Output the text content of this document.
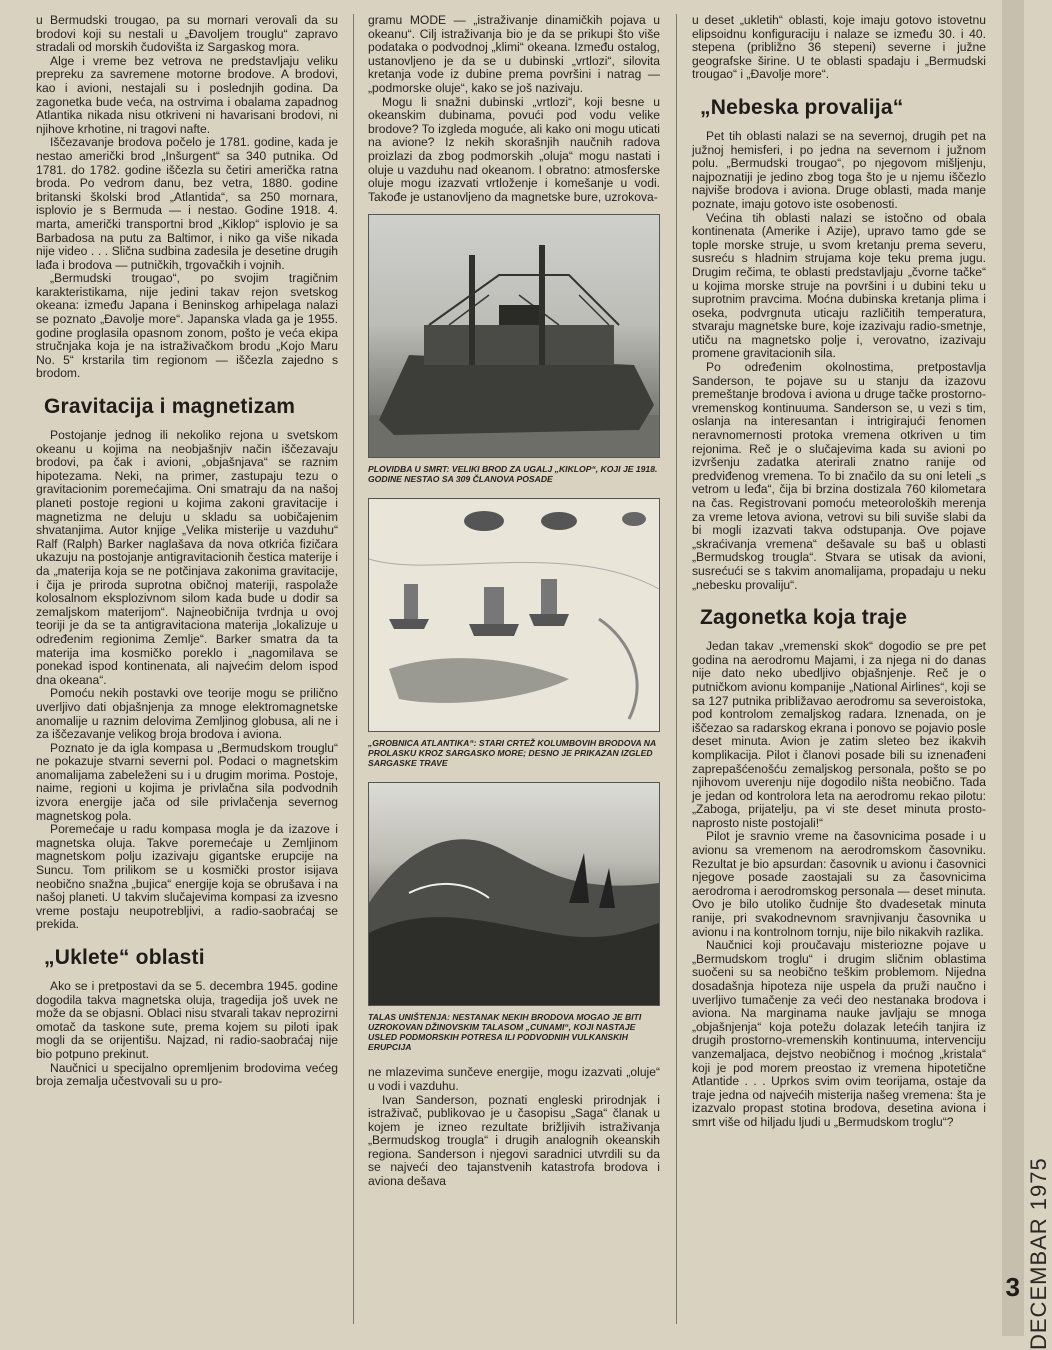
u Bermudski trougao, pa su mornari verovali da su brodovi koji su nestali u „Đavoljem trouglu“ zapravo stradali od morskih čudovišta iz Sargaskog mora.

Alge i vreme bez vetrova ne predstavljaju veliku prepreku za savremene motorne brodove. A brodovi, kao i avioni, nestajali su i poslednjih godina. Da zagonetka bude veća, na ostrvima i obalama zapadnog Atlantika nikada nisu otkriveni ni havarisani brodovi, ni njihove krhotine, ni tragovi nafte.

Iščezavanje brodova počelo je 1781. godine, kada je nestao američki brod „Inšurgent“ sa 340 putnika. Od 1781. do 1782. godine iščezla su četiri američka ratna broda. Po vedrom danu, bez vetra, 1880. godine britanski školski brod „Atlantida“, sa 250 mornara, isplovio je s Bermuda — i nestao. Godine 1918. 4. marta, američki transportni brod „Kiklop“ isplovio je sa Barbadosa na putu za Baltimor, i niko ga više nikada nije video . . . Slična sudbina zadesila je desetine drugih lađa i brodova — putničkih, trgovačkih i vojnih.

„Bermudski trougao“, po svojim tragičnim karakteristikama, nije jedini takav rejon svetskog okeana: između Japana i Beninskog arhipelaga nalazi se poznato „Đavolje more“. Japanska vlada ga je 1955. godine proglasila opasnom zonom, pošto je veća ekipa stručnjaka koja je na istraživačkom brodu „Kojo Maru No. 5“ krstarila tim regionom — iščezla zajedno s brodom.

Gravitacija i magnetizam

Postojanje jednog ili nekoliko rejona u svetskom okeanu u kojima na neobjašnjiv način iščezavaju brodovi, pa čak i avioni, „objašnjava“ se raznim hipotezama. Neki, na primer, zastupaju tezu o gravitacionim poremećajima. Oni smatraju da na našoj planeti postoje regioni u kojima zakoni gravitacije i magnetizma ne deluju u skladu sa uobičajenim shvatanjima. Autor knjige „Velika misterije u vazduhu“ Ralf (Ralph) Barker naglašava da nova otkrića fizičara ukazuju na postojanje antigravitacionih čestica materije i da „materija koja se ne potčinjava zakonima gravitacije, i čija je priroda suprotna običnoj materiji, raspolaže kolosalnom eksplozivnom silom kada bude u dodir sa zemaljskom materijom“. Najneobičnija tvrdnja u ovoj teoriji je da se ta antigravitaciona materija „lokalizuje u određenim regionima Zemlje“. Barker smatra da ta materija ima kosmičko poreklo i „nagomilava se ponekad ispod kontinenata, ali najvećim delom ispod dna okeana“.

Pomoću nekih postavki ove teorije mogu se prilično uverljivo dati objašnjenja za mnoge elektromagnetske anomalije u raznim delovima Zemljinog globusa, ali ne i za iščezavanje velikog broja brodova i aviona.

Poznato je da igla kompasa u „Bermudskom trouglu“ ne pokazuje stvarni severni pol. Podaci o magnetskim anomalijama zabeleženi su i u drugim morima. Postoje, naime, regioni u kojima je privlačna sila podvodnih izvora energije jača od sile privlačenja severnog magnetskog pola.

Poremećaje u radu kompasa mogla je da izazove i magnetska oluja. Takve poremećaje u Zemljinom magnetskom polju izazivaju gigantske erupcije na Suncu. Tom prilikom se u kosmički prostor isijava neobično snažna „bujica“ energije koja se obrušava i na našoj planeti. U takvim slučajevima kompasi za izvesno vreme postaju neupotrebljivi, a radio-saobraćaj se prekida.

„Uklete“ oblasti

Ako se i pretpostavi da se 5. decembra 1945. godine dogodila takva magnetska oluja, tragedija još uvek ne može da se objasni. Oblaci nisu stvarali takav neprozirni omotač da taskone sute, prema kojem su piloti ipak mogli da se orijentišu. Najzad, ni radio-saobraćaj nije bio potpuno prekinut.

Naučnici u specijalno opremljenim brodovima većeg broja zemalja učestvovali su u pro-

gramu MODE — „istraživanje dinamičkih pojava u okeanu“. Cilj istraživanja bio je da se prikupi što više podataka o podvodnoj „klimi“ okeana. Između ostalog, ustanovljeno je da se u dubinski „vrtlozi“, silovita kretanja vode iz dubine prema površini i natrag — „podmorske oluje“, kako se još nazivaju.

Mogu li snažni dubinski „vrtlozi“, koji besne u okeanskim dubinama, povući pod vodu velike brodove? To izgleda moguće, ali kako oni mogu uticati na avione? Iz nekih skorašnjih naučnih radova proizlazi da zbog podmorskih „oluja“ mogu nastati i oluje u vazduhu nad okeanom. I obratno: atmosferske oluje mogu izazvati vrtloženje i komešanje u vodi. Takođe je ustanovljeno da magnetske bure, uzrokova-

PLOVIDBA U SMRT: VELIKI BROD ZA UGALJ „KIKLOP“, KOJI JE 1918. GODINE NESTAO SA 309 ČLANOVA POSADE
„GROBNICA ATLANTIKA“: STARI CRTEŽ KOLUMBOVIH BRODOVA NA PROLASKU KROZ SARGASKO MORE; DESNO JE PRIKAZAN IZGLED SARGASKE TRAVE
TALAS UNIŠTENJA: NESTANAK NEKIH BRODOVA MOGAO JE BITI UZROKOVAN DŽINOVSKIM TALASOM „CUNAMI“, KOJI NASTAJE USLED PODMORSKIH POTRESA ILI PODVODNIH VULKANSKIH ERUPCIJA

ne mlazevima sunčeve energije, mogu izazvati „oluje“ u vodi i vazduhu.

Ivan Sanderson, poznati engleski prirodnjak i istraživač, publikovao je u časopisu „Saga“ članak u kojem je izneo rezultate brižljivih istraživanja „Bermudskog trougla“ i drugih analognih okeanskih regiona. Sanderson i njegovi saradnici utvrdili su da se najveći deo tajanstvenih katastrofa brodova i aviona dešava

u deset „ukletih“ oblasti, koje imaju gotovo istovetnu elipsoidnu konfiguraciju i nalaze se između 30. i 40. stepena (približno 36 stepeni) severne i južne geografske širine. U te oblasti spadaju i „Bermudski trougao“ i „Đavolje more“.

„Nebeska provalija“

Pet tih oblasti nalazi se na severnoj, drugih pet na južnoj hemisferi, i po jedna na severnom i južnom polu. „Bermudski trougao“, po njegovom mišljenju, najpoznatiji je jedino zbog toga što je u njemu iščezlo najviše brodova i aviona. Druge oblasti, mada manje poznate, imaju gotovo iste osobenosti.

Većina tih oblasti nalazi se istočno od obala kontinenata (Amerike i Azije), upravo tamo gde se tople morske struje, u svom kretanju prema severu, susreću s hladnim strujama koje teku prema jugu. Drugim rečima, te oblasti predstavljaju „čvorne tačke“ u kojima morske struje na površini i u dubini teku u suprotnim pravcima. Moćna dubinska kretanja plima i oseka, podvrgnuta uticaju različitih temperatura, stvaraju magnetske bure, koje izazivaju radio-smetnje, utiču na magnetsko polje i, verovatno, izazivaju promene gravitacionih sila.

Po određenim okolnostima, pretpostavlja Sanderson, te pojave su u stanju da izazovu premeštanje brodova i aviona u druge tačke prostorno-vremenskog kontinuuma. Sanderson se, u vezi s tim, oslanja na interesantan i intrigirajući fenomen neravnomernosti protoka vremena otkriven u tim rejonima. Reč je o slučajevima kada su avioni po izvršenju zadatka aterirali znatno ranije od predviđenog vremena. To bi značilo da su oni leteli „s vetrom u leđa“, čija bi brzina dostizala 760 kilometara na čas. Registrovani pomoću meteoroloških merenja za vreme letova aviona, vetrovi su bili suviše slabi da bi mogli izazvati takva odstupanja. Ove pojave „skraćivanja vremena“ dešavale su baš u oblasti „Bermudskog trougla“. Stvara se utisak da avioni, susrećući se s takvim anomalijama, propadaju u neku „nebesku provaliju“.

Zagonetka koja traje

Jedan takav „vremenski skok“ dogodio se pre pet godina na aerodromu Majami, i za njega ni do danas nije dato neko ubedljivo objašnjenje. Reč je o putničkom avionu kompanije „National Airlines“, koji se sa 127 putnika približavao aerodromu sa severoistoka, pod kontrolom zemaljskog radara. Iznenada, on je iščezao sa radarskog ekrana i ponovo se pojavio posle deset minuta. Avion je zatim sleteo bez ikakvih komplikacija. Pilot i članovi posade bili su iznenađeni zaprepašćenošću zemaljskog personala, pošto se po njihovom uverenju nije dogodilo ništa neobično. Tada je jedan od kontrolora leta na aerodromu rekao pilotu: „Zaboga, prijatelju, pa vi ste deset minuta prosto-naprosto niste postojali!“

Pilot je sravnio vreme na časovnicima posade i u avionu sa vremenom na aerodromskom časovniku. Rezultat je bio apsurdan: časovnik u avionu i časovnici njegove posade zaostajali su za časovnicima aerodroma i aerodromskog personala — deset minuta. Ovo je bilo utoliko čudnije što dvadesetak minuta ranije, pri svakodnevnom sravnjivanju časovnika u avionu i na kontrolnom tornju, nije bilo nikakvih razlika.

Naučnici koji proučavaju misteriozne pojave u „Bermudskom troglu“ i drugim sličnim oblastima suočeni su sa neobično teškim problemom. Nijedna dosadašnja hipoteza nije uspela da pruži naučno i uverljivo tumačenje za veći deo nestanaka brodova i aviona. Na marginama nauke javljaju se mnoga „objašnjenja“ koja potežu dolazak letećih tanjira iz drugih prostorno-vremenskih kontinuuma, intervenciju vanzemaljaca, dejstvo neobičnog i moćnog „kristala“ koji je pod morem preostao iz vremena hipotetične Atlantide . . . Uprkos svim ovim teorijama, ostaje da traje jedna od najvećih misterija našeg vremena: šta je izazvalo propast stotina brodova, desetina aviona i smrt više od hiljadu ljudi u „Bermudskom troglu“?

DECEMBAR 1975
3
